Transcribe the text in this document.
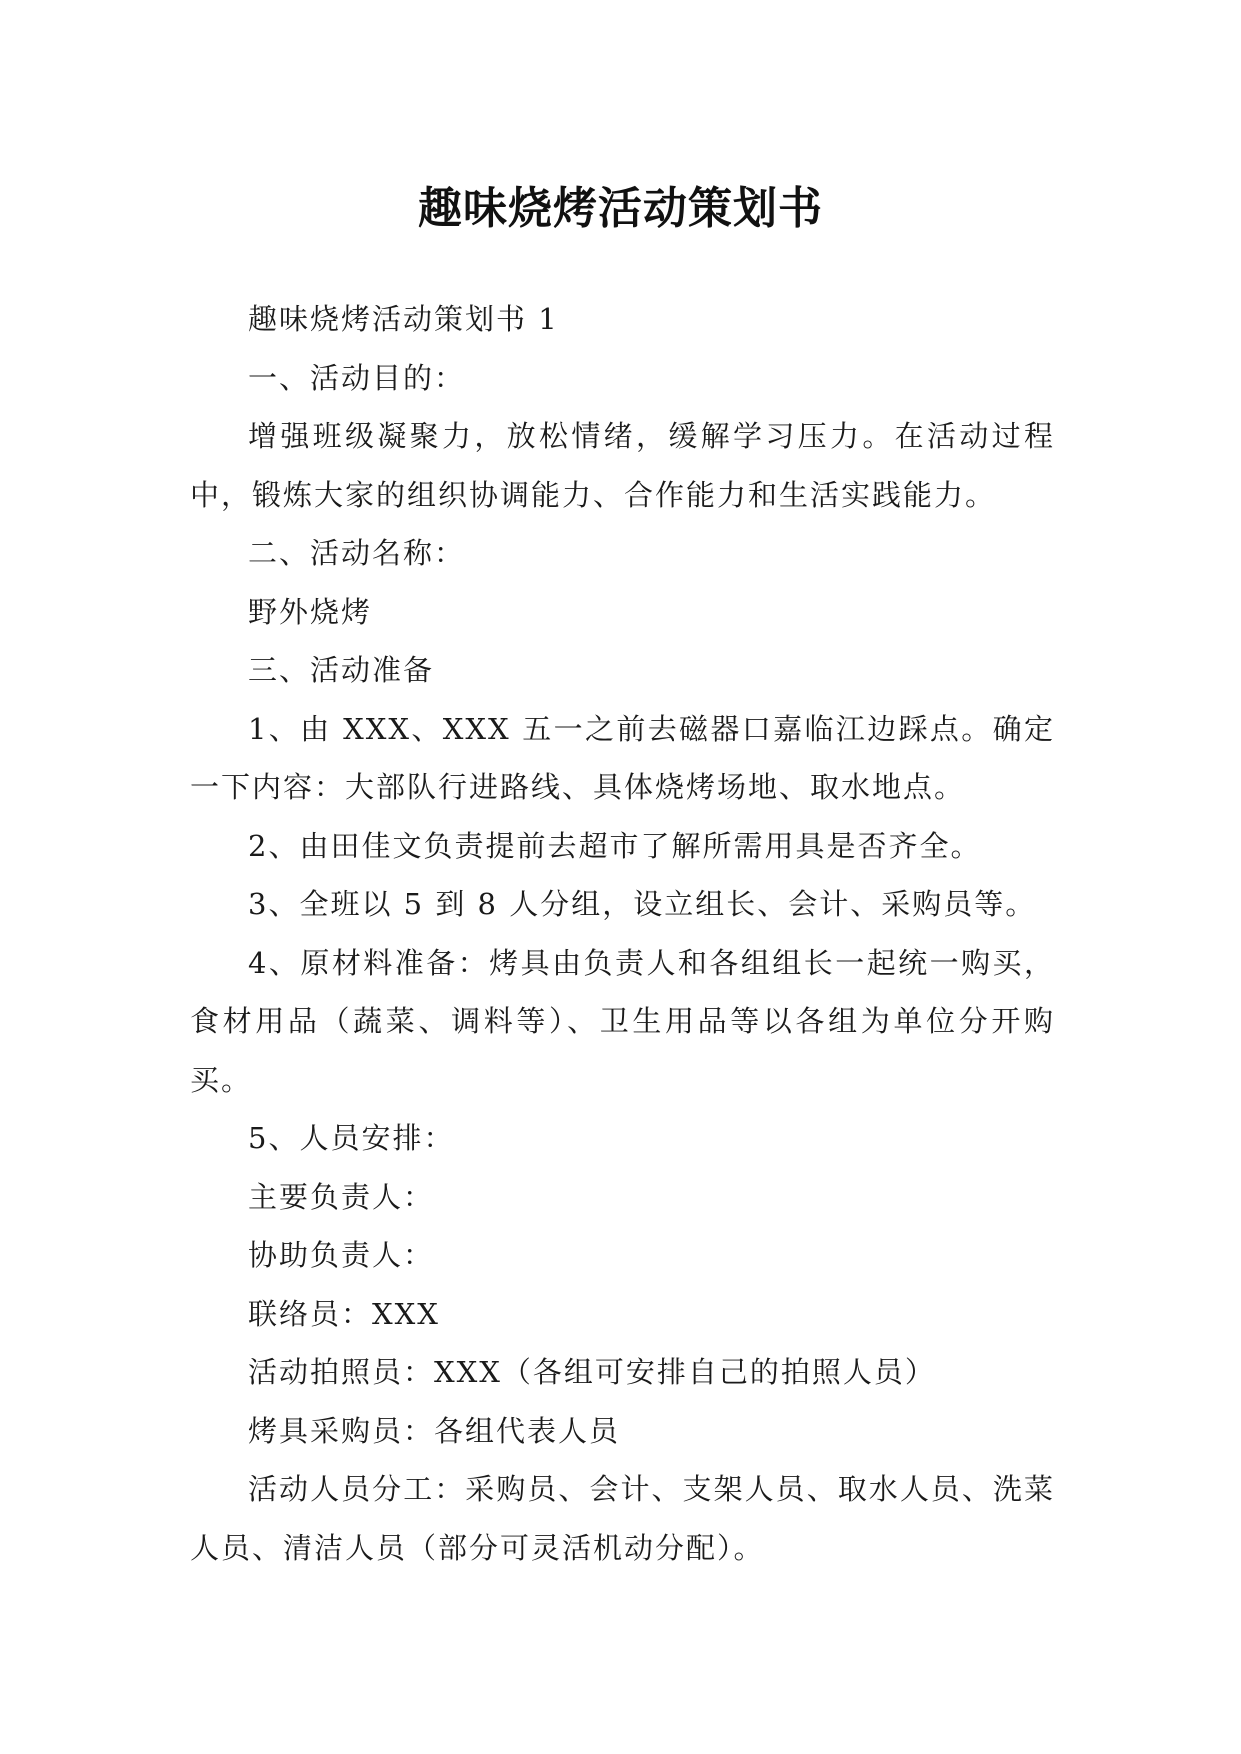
趣味烧烤活动策划书

趣味烧烤活动策划书 1

一、活动目的：

增强班级凝聚力，放松情绪，缓解学习压力。在活动过程中，锻炼大家的组织协调能力、合作能力和生活实践能力。

二、活动名称：

野外烧烤

三、活动准备

1、由 XXX、XXX 五一之前去磁器口嘉临江边踩点。确定一下内容：大部队行进路线、具体烧烤场地、取水地点。

2、由田佳文负责提前去超市了解所需用具是否齐全。

3、全班以 5 到 8 人分组，设立组长、会计、采购员等。

4、原材料准备：烤具由负责人和各组组长一起统一购买，食材用品（蔬菜、调料等）、卫生用品等以各组为单位分开购买。

5、人员安排：

主要负责人：

协助负责人：

联络员：XXX

活动拍照员：XXX（各组可安排自己的拍照人员）

烤具采购员：各组代表人员

活动人员分工：采购员、会计、支架人员、取水人员、洗菜人员、清洁人员（部分可灵活机动分配）。
